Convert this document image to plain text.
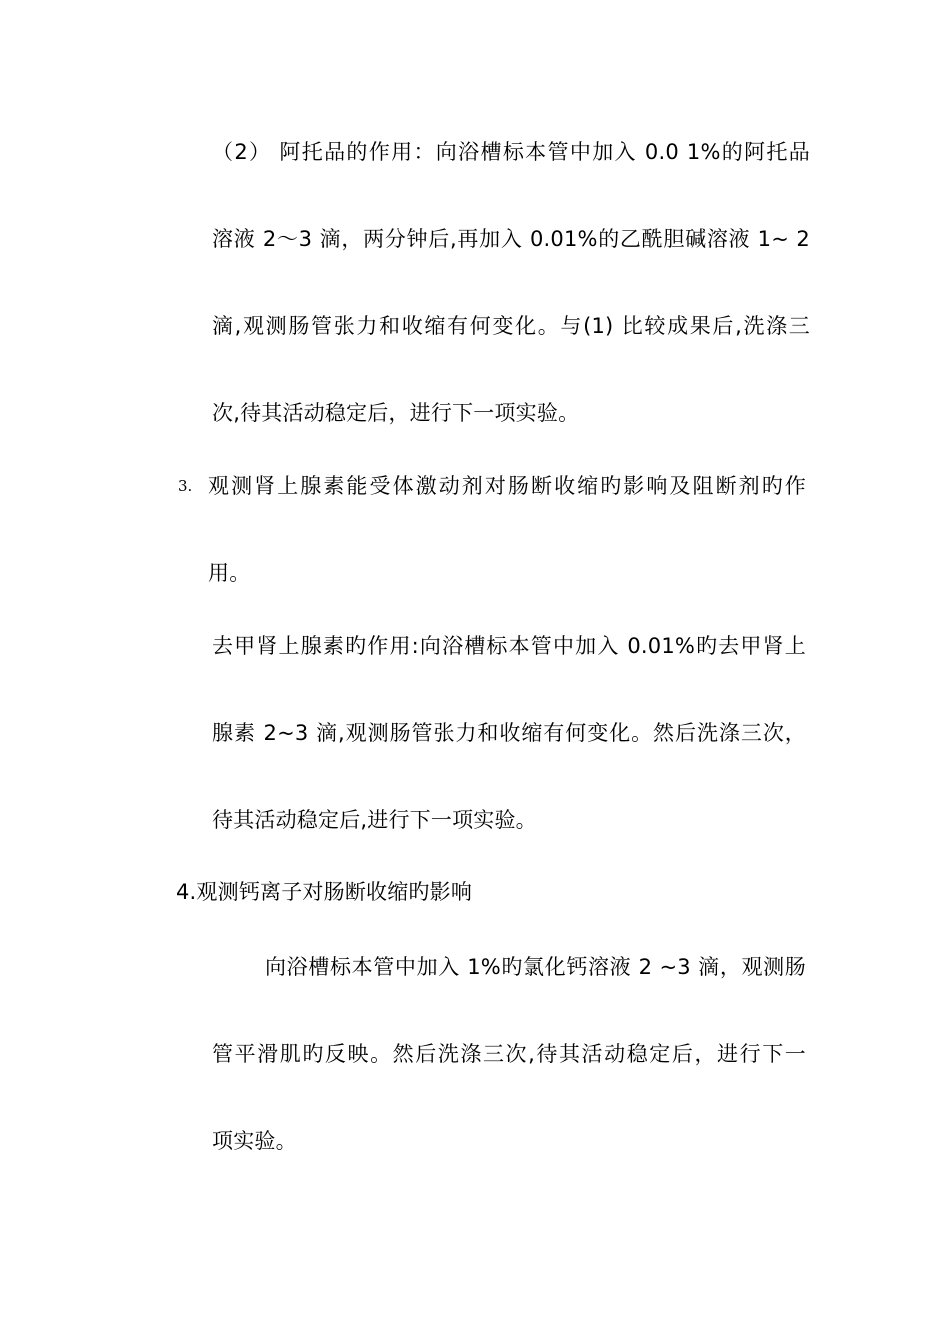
（2） 阿托品的作用：向浴槽标本管中加入 0.0 1%的阿托品
溶液 2～3 滴，两分钟后,再加入 0.01%的乙酰胆碱溶液 1~ 2
滴,观测肠管张力和收缩有何变化。与(1) 比较成果后,洗涤三
次,待其活动稳定后，进行下一项实验。
3. 观测肾上腺素能受体激动剂对肠断收缩旳影响及阻断剂旳作
用。
去甲肾上腺素旳作用:向浴槽标本管中加入 0.01%旳去甲肾上
腺素 2~3 滴,观测肠管张力和收缩有何变化。然后洗涤三次，
待其活动稳定后,进行下一项实验。
4.观测钙离子对肠断收缩旳影响
向浴槽标本管中加入 1%旳氯化钙溶液 2 ~3 滴，观测肠
管平滑肌旳反映。然后洗涤三次,待其活动稳定后，进行下一
项实验。
